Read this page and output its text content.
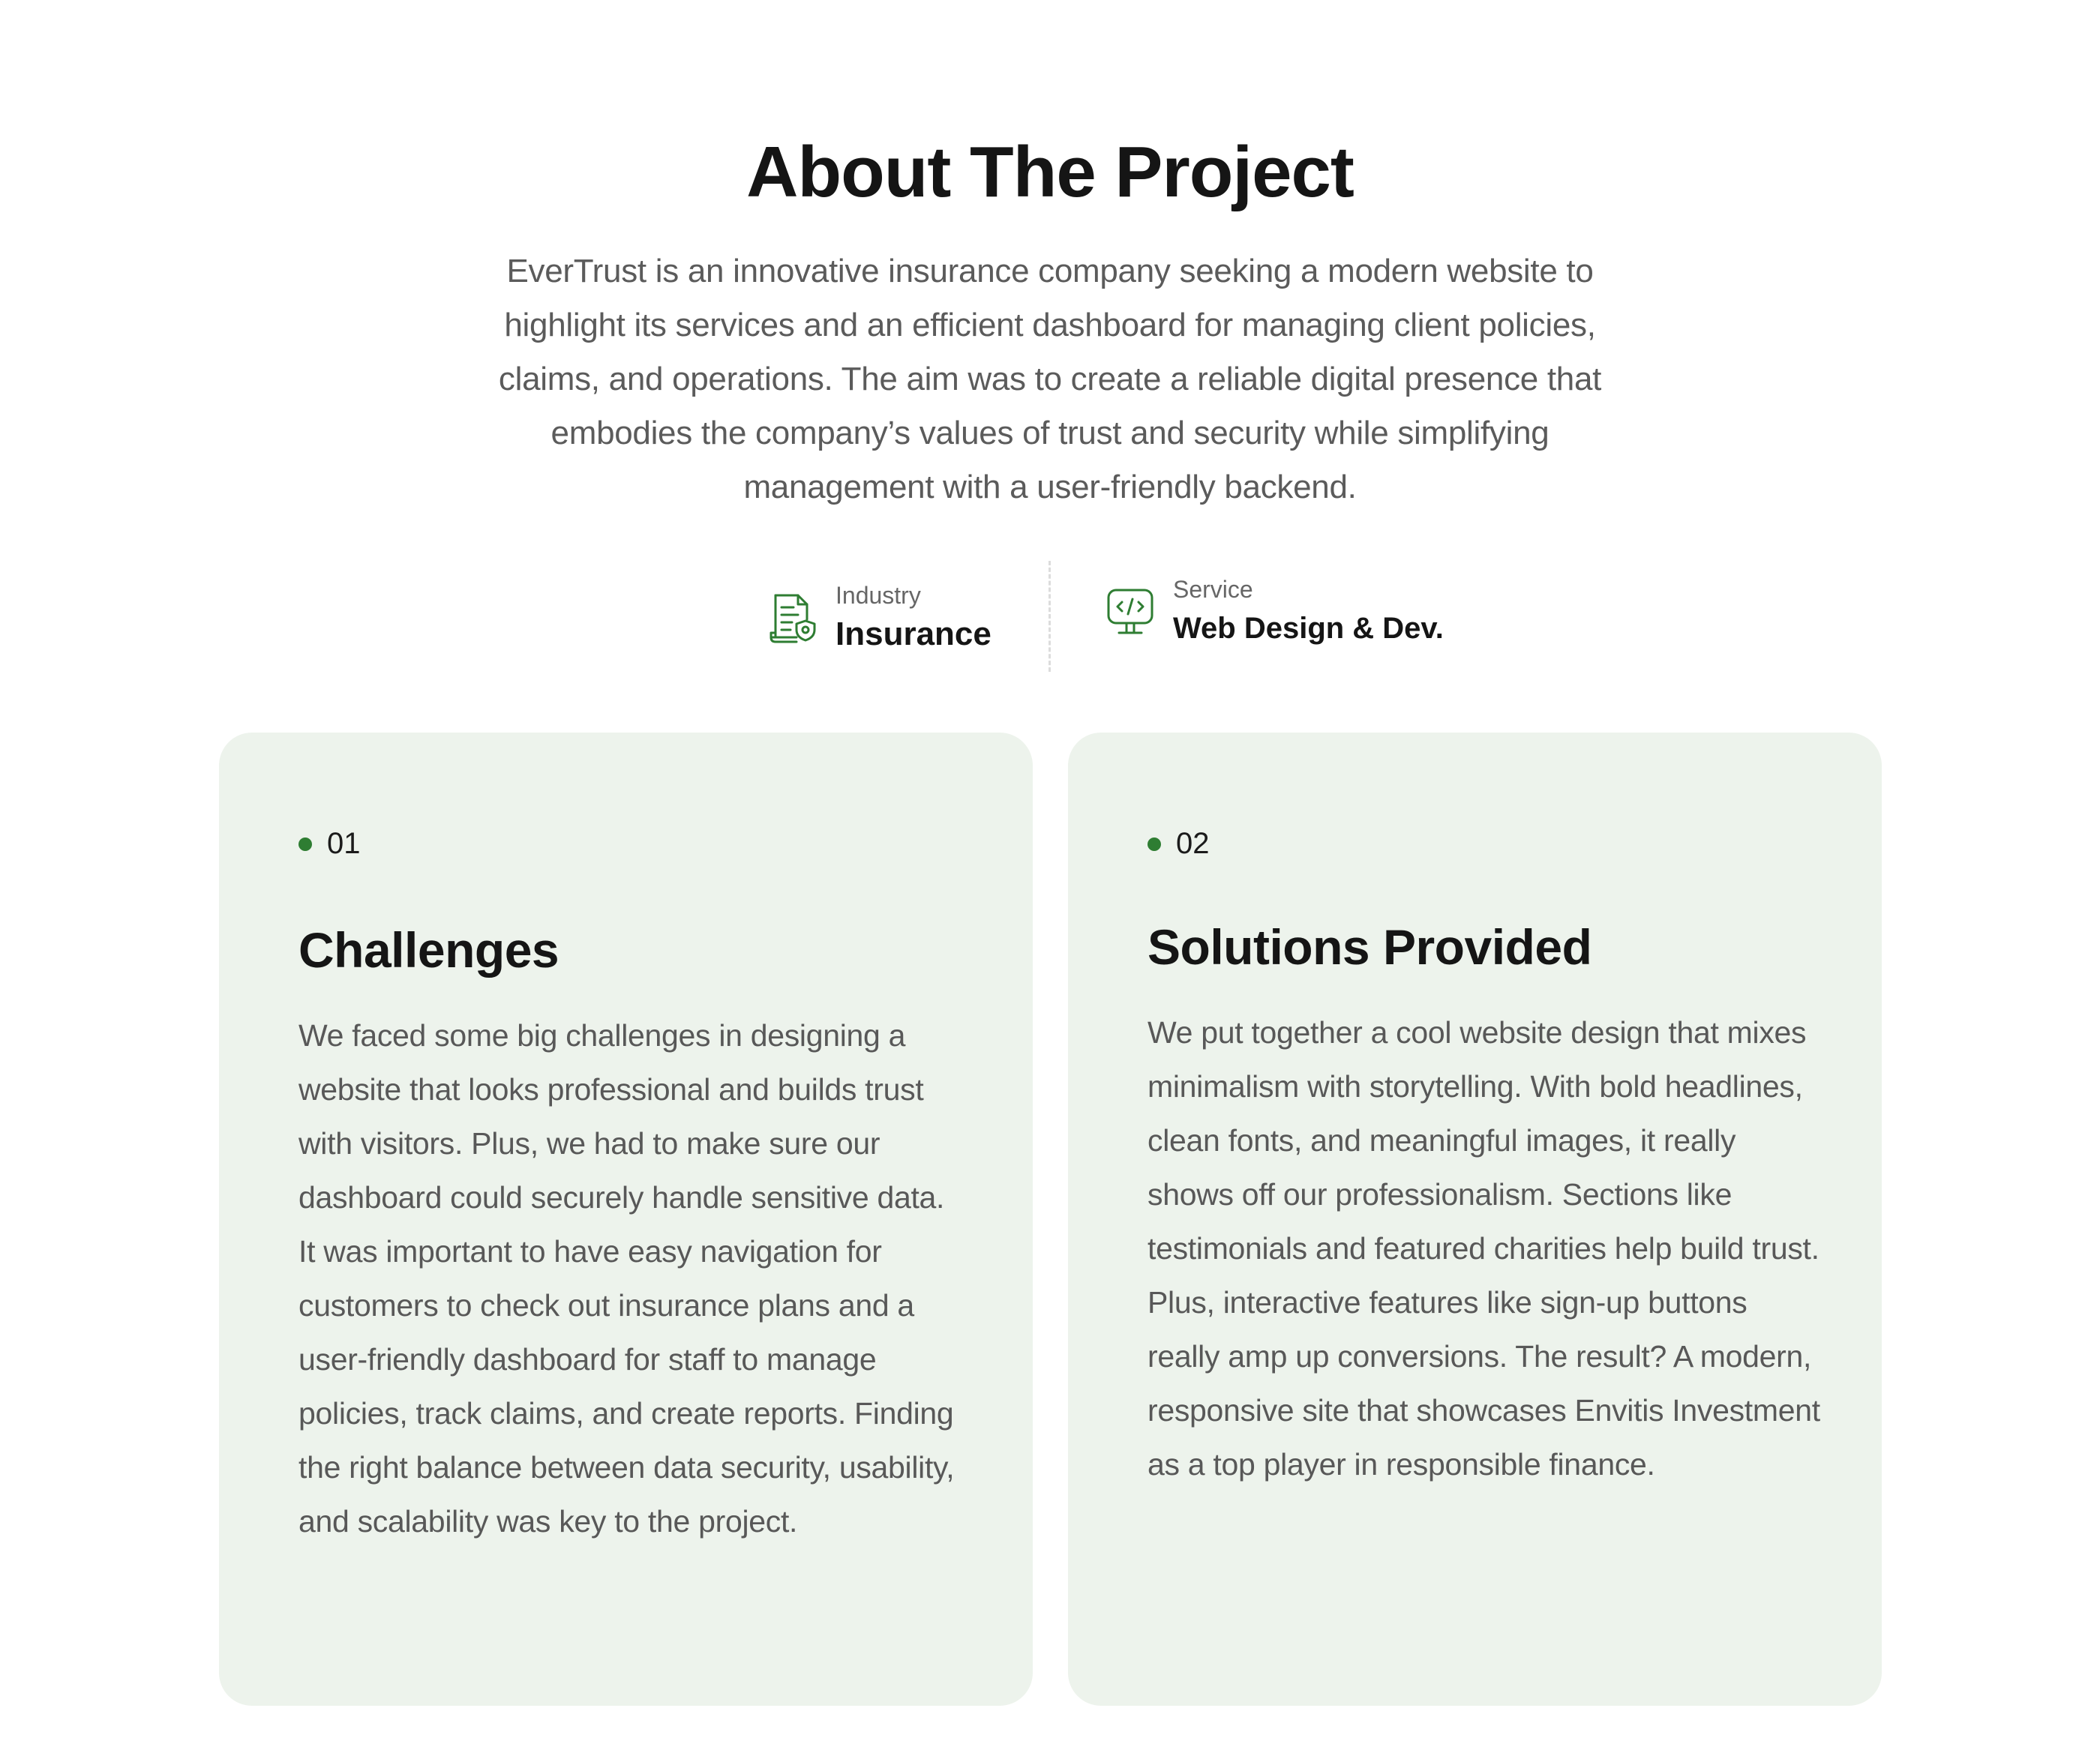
About The Project

EverTrust is an innovative insurance company seeking a modern website to highlight its services and an efficient dashboard for managing client policies, claims, and operations. The aim was to create a reliable digital presence that embodies the company’s values of trust and security while simplifying management with a user-friendly backend.

Industry
Insurance
Service
Web Design & Dev.
01
Challenges

We faced some big challenges in designing a website that looks professional and builds trust with visitors. Plus, we had to make sure our dashboard could securely handle sensitive data. It was important to have easy navigation for customers to check out insurance plans and a user-friendly dashboard for staff to manage policies, track claims, and create reports. Finding the right balance between data security, usability, and scalability was key to the project.

02
Solutions Provided

We put together a cool website design that mixes minimalism with storytelling. With bold headlines, clean fonts, and meaningful images, it really shows off our professionalism. Sections like testimonials and featured charities help build trust. Plus, interactive features like sign-up buttons really amp up conversions. The result? A modern, responsive site that showcases Envitis Investment as a top player in responsible finance.
